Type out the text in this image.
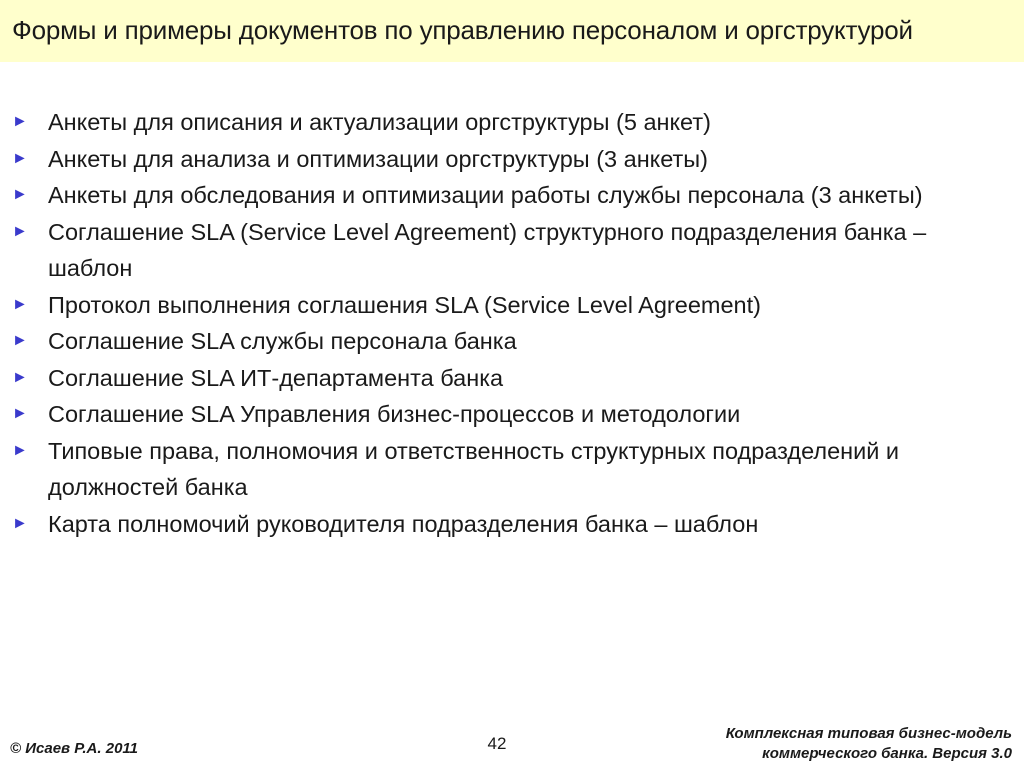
Формы и примеры документов по управлению персоналом и оргструктурой
► Анкеты для описания и актуализации оргструктуры (5 анкет)
► Анкеты для анализа и оптимизации оргструктуры (3 анкеты)
► Анкеты для обследования и оптимизации работы службы персонала (3 анкеты)
► Соглашение SLA (Service Level Agreement) структурного подразделения банка – шаблон
► Протокол выполнения соглашения SLA (Service Level Agreement)
► Соглашение SLA службы персонала банка
► Соглашение SLA ИТ-департамента банка
► Соглашение SLA Управления бизнес-процессов и методологии
► Типовые права, полномочия и ответственность структурных подразделений и должностей банка
► Карта полномочий руководителя подразделения банка – шаблон
© Исаев Р.А. 2011	42
Комплексная типовая бизнес-модель
коммерческого банка. Версия 3.0
